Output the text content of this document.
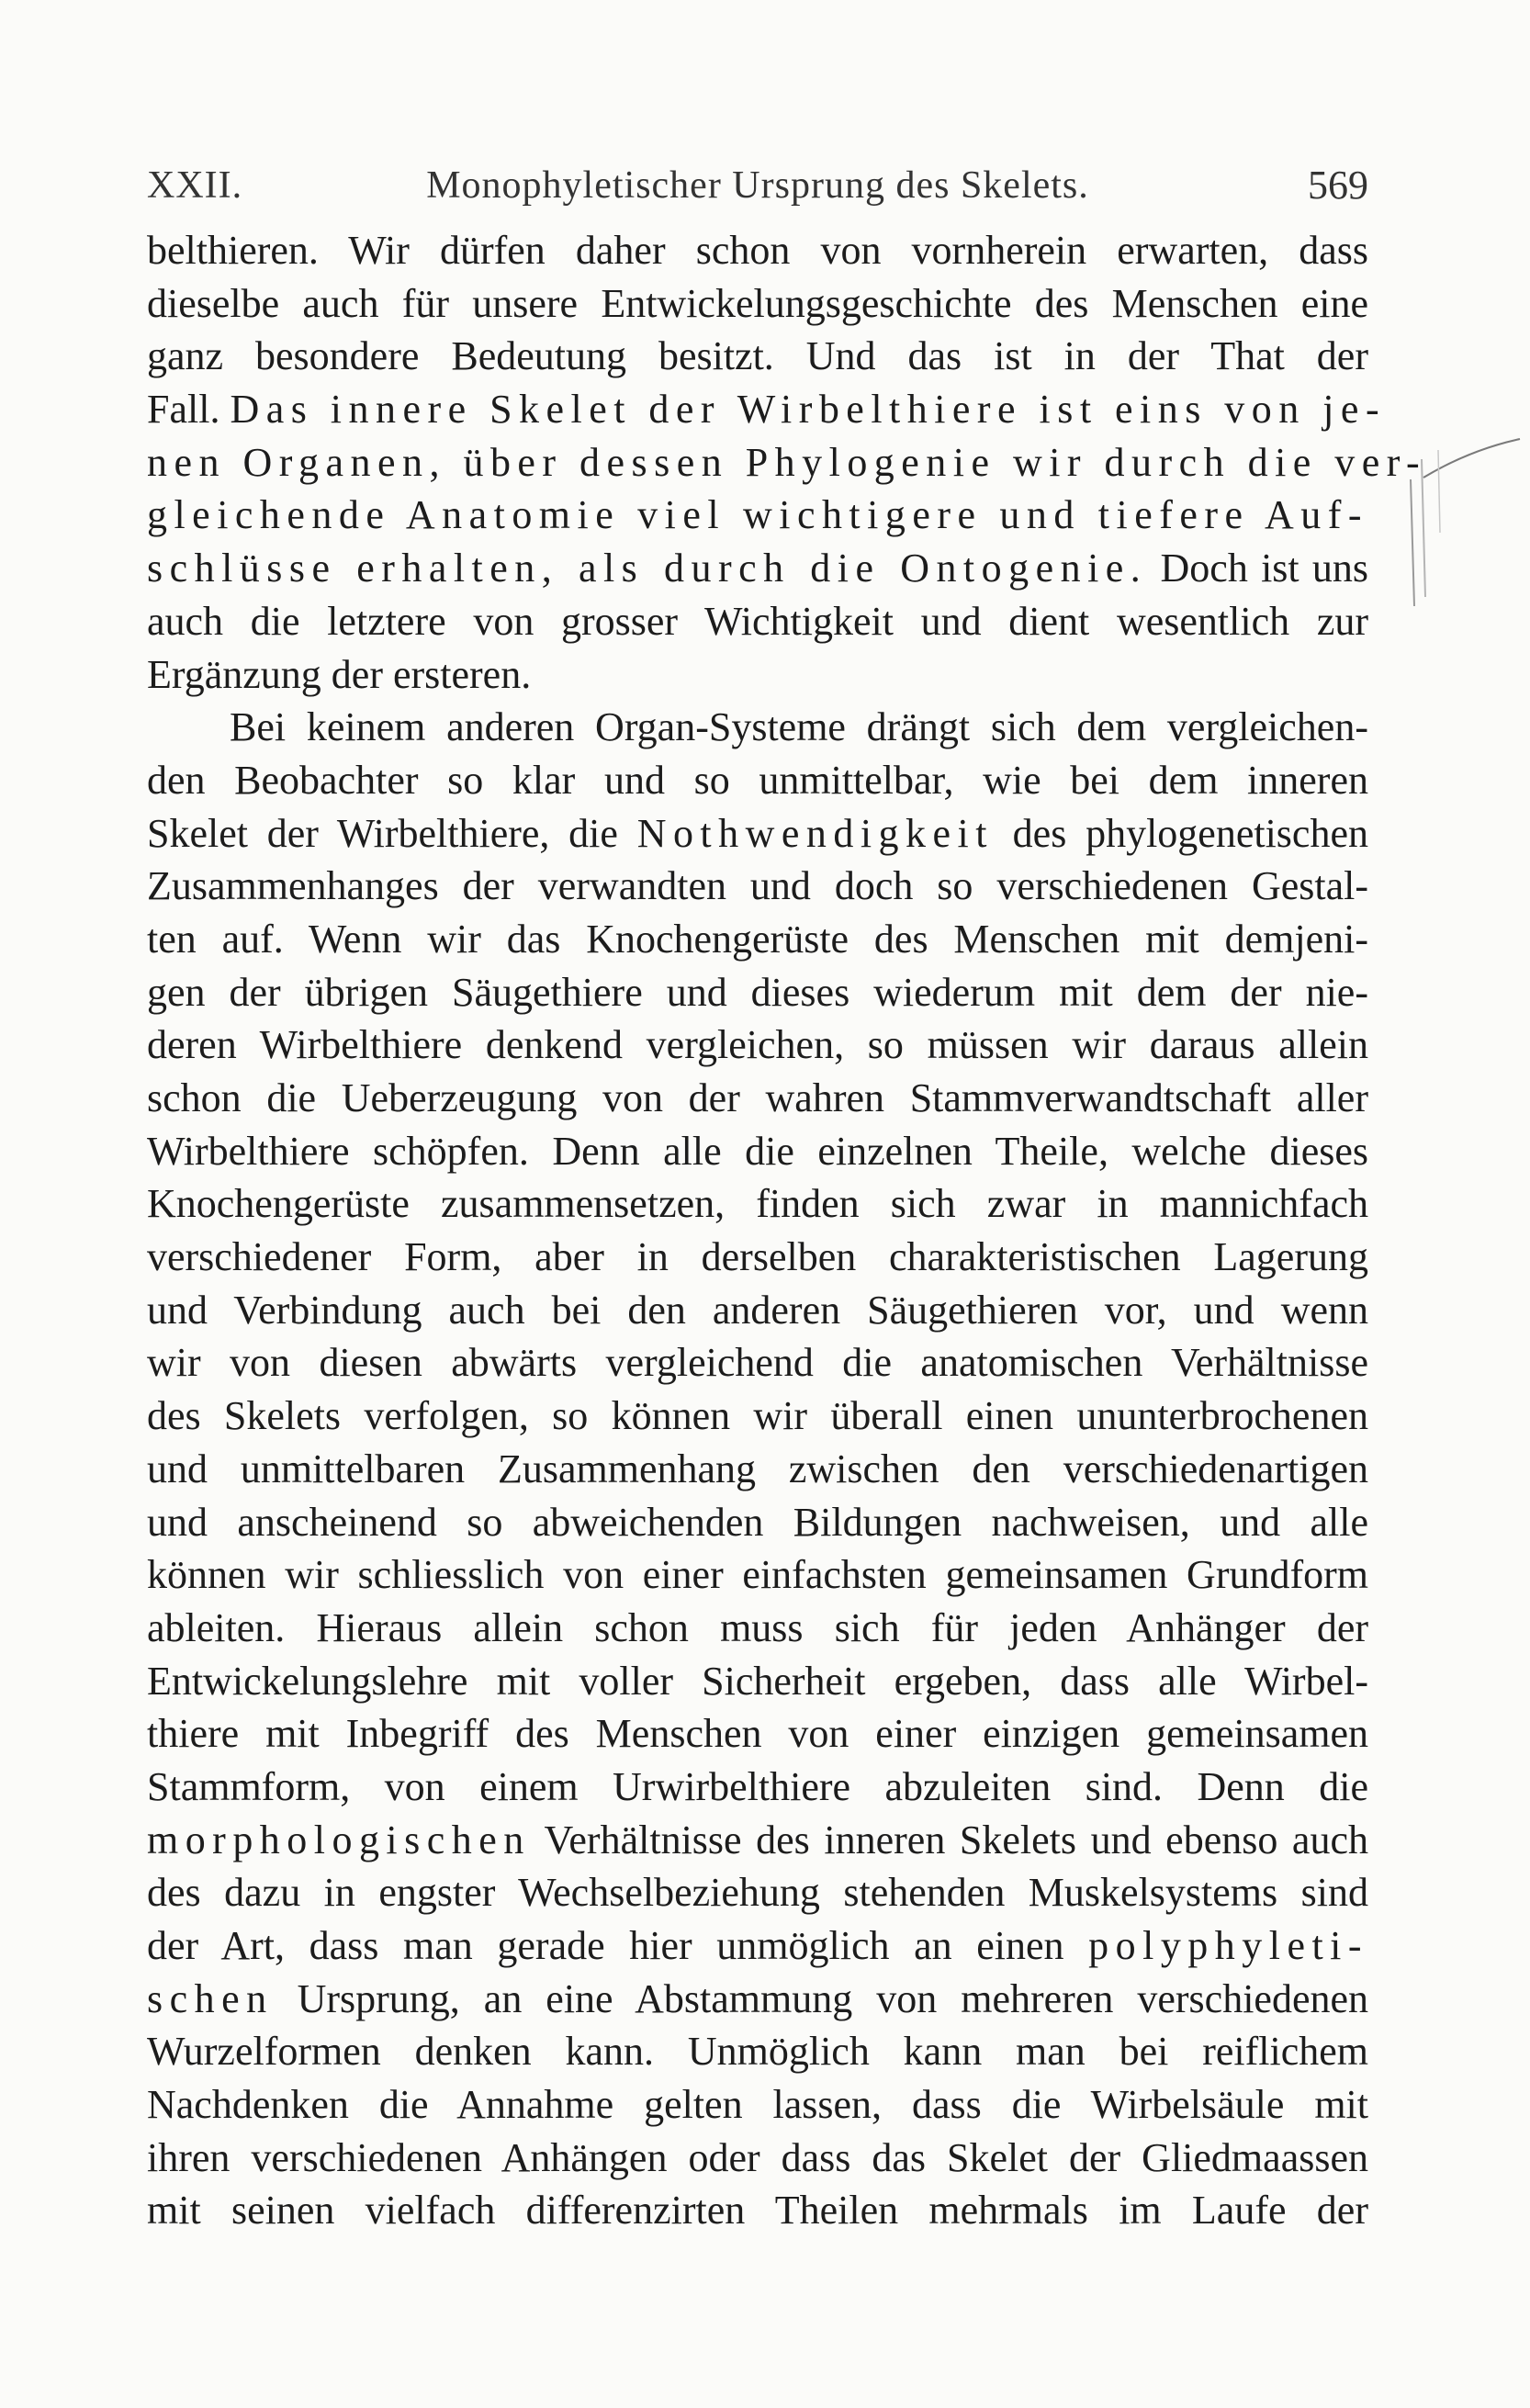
XXII.	Monophyletischer Ursprung des Skelets.	569
belthieren. Wir dürfen daher schon von vornherein erwarten, dass
dieselbe auch für unsere Entwickelungsgeschichte des Menschen eine
ganz besondere Bedeutung besitzt. Und das ist in der That der
Fall. Das innere Skelet der Wirbelthiere ist eins von je-
nen Organen, über dessen Phylogenie wir durch die ver-
gleichende Anatomie viel wichtigere und tiefere Auf-
schlüsse erhalten, als durch die Ontogenie. Doch ist uns
auch die letztere von grosser Wichtigkeit und dient wesentlich zur
Ergänzung der ersteren.
Bei keinem anderen Organ-Systeme drängt sich dem vergleichen-
den Beobachter so klar und so unmittelbar, wie bei dem inneren
Skelet der Wirbelthiere, die Nothwendigkeit des phylogenetischen
Zusammenhanges der verwandten und doch so verschiedenen Gestal-
ten auf. Wenn wir das Knochengerüste des Menschen mit demjeni-
gen der übrigen Säugethiere und dieses wiederum mit dem der nie-
deren Wirbelthiere denkend vergleichen, so müssen wir daraus allein
schon die Ueberzeugung von der wahren Stammverwandtschaft aller
Wirbelthiere schöpfen. Denn alle die einzelnen Theile, welche dieses
Knochengerüste zusammensetzen, finden sich zwar in mannichfach
verschiedener Form, aber in derselben charakteristischen Lagerung
und Verbindung auch bei den anderen Säugethieren vor, und wenn
wir von diesen abwärts vergleichend die anatomischen Verhältnisse
des Skelets verfolgen, so können wir überall einen ununterbrochenen
und unmittelbaren Zusammenhang zwischen den verschiedenartigen
und anscheinend so abweichenden Bildungen nachweisen, und alle
können wir schliesslich von einer einfachsten gemeinsamen Grundform
ableiten. Hieraus allein schon muss sich für jeden Anhänger der
Entwickelungslehre mit voller Sicherheit ergeben, dass alle Wirbel-
thiere mit Inbegriff des Menschen von einer einzigen gemeinsamen
Stammform, von einem Urwirbelthiere abzuleiten sind. Denn die
morphologischen Verhältnisse des inneren Skelets und ebenso auch
des dazu in engster Wechselbeziehung stehenden Muskelsystems sind
der Art, dass man gerade hier unmöglich an einen polyphyleti-
schen Ursprung, an eine Abstammung von mehreren verschiedenen
Wurzelformen denken kann. Unmöglich kann man bei reiflichem
Nachdenken die Annahme gelten lassen, dass die Wirbelsäule mit
ihren verschiedenen Anhängen oder dass das Skelet der Gliedmaassen
mit seinen vielfach differenzirten Theilen mehrmals im Laufe der
